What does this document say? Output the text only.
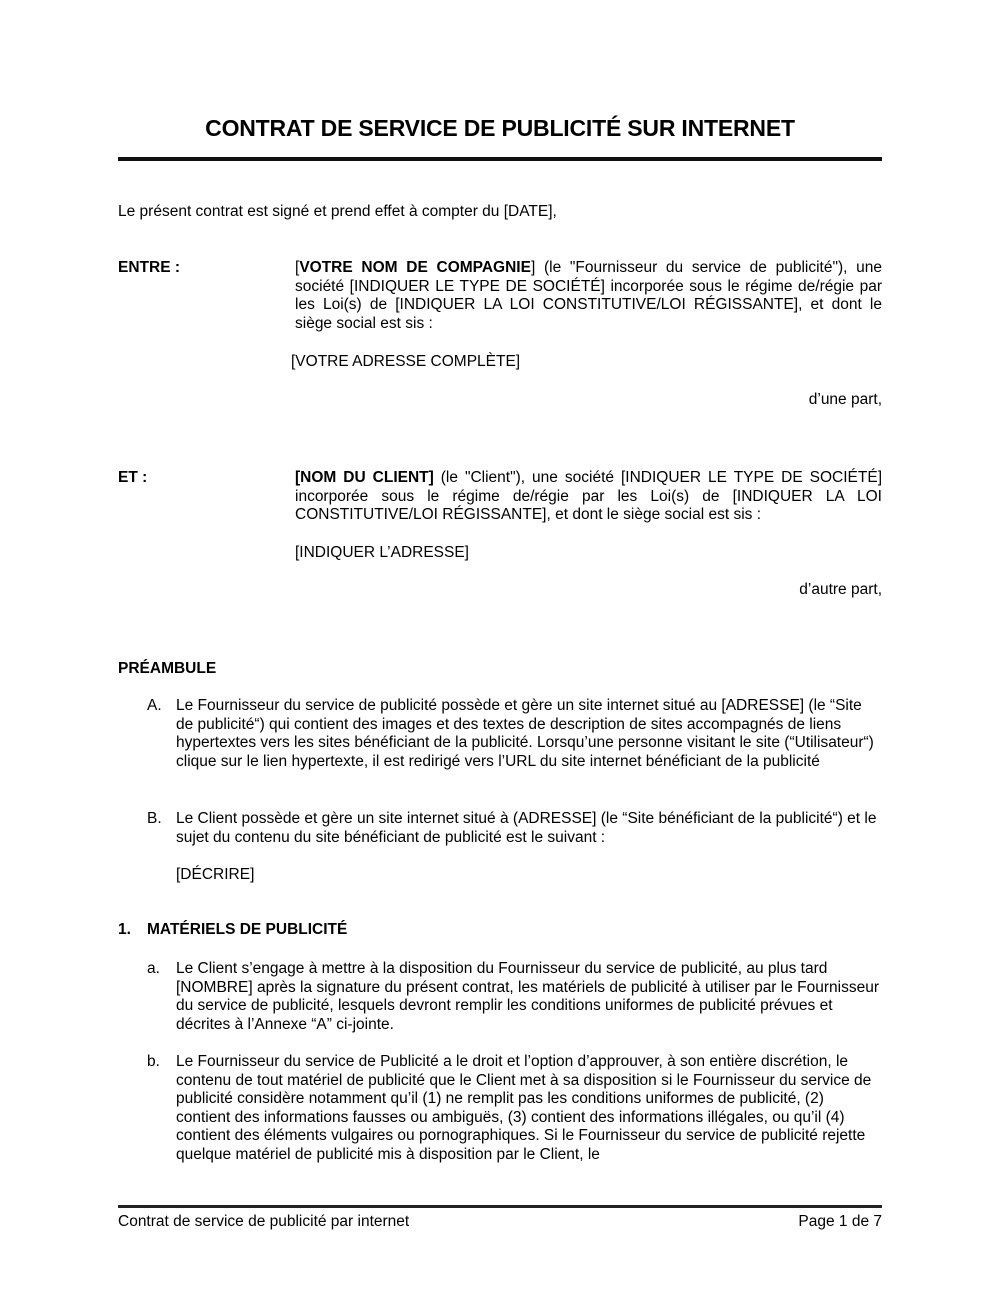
CONTRAT DE SERVICE DE PUBLICITÉ SUR INTERNET
Le présent contrat est signé et prend effet à compter du [DATE],
ENTRE :	[VOTRE NOM DE COMPAGNIE] (le "Fournisseur du service de publicité"), une société [INDIQUER LE TYPE DE SOCIÉTÉ] incorporée sous le régime de/régie par les Loi(s) de [INDIQUER LA LOI CONSTITUTIVE/LOI RÉGISSANTE], et dont le siège social est sis :
[VOTRE ADRESSE COMPLÈTE]
d’une part,
ET :	[NOM DU CLIENT] (le "Client"), une société [INDIQUER LE TYPE DE SOCIÉTÉ] incorporée sous le régime de/régie par les Loi(s) de [INDIQUER LA LOI CONSTITUTIVE/LOI RÉGISSANTE], et dont le siège social est sis :
[INDIQUER L’ADRESSE]
d’autre part,
PRÉAMBULE
A. Le Fournisseur du service de publicité possède et gère un site internet situé au [ADRESSE] (le “Site de publicité“) qui contient des images et des textes de description de sites accompagnés de liens hypertextes vers les sites bénéficiant de la publicité. Lorsqu’une personne visitant le site (“Utilisateur“) clique sur le lien hypertexte, il est redirigé vers l’URL du site internet bénéficiant de la publicité
B. Le Client possède et gère un site internet situé à (ADRESSE] (le “Site bénéficiant de la publicité“) et le sujet du contenu du site bénéficiant de publicité est le suivant :
[DÉCRIRE]
1. MATÉRIELS DE PUBLICITÉ
a.	Le Client s’engage à mettre à la disposition du Fournisseur du service de publicité, au plus tard [NOMBRE] après la signature du présent contrat, les matériels de publicité à utiliser par le Fournisseur du service de publicité, lesquels devront remplir les conditions uniformes de publicité prévues et décrites à l’Annexe “A” ci-jointe.
b.	Le Fournisseur du service de Publicité a le droit et l’option d’approuver, à son entière discrétion, le contenu de tout matériel de publicité que le Client met à sa disposition si le Fournisseur du service de publicité considère notamment qu’il (1) ne remplit pas les conditions uniformes de publicité, (2) contient des informations fausses ou ambiguës, (3) contient des informations illégales, ou qu’il (4) contient des éléments vulgaires ou pornographiques. Si le Fournisseur du service de publicité rejette quelque matériel de publicité mis à disposition par le Client, le
Contrat de service de publicité par internet	Page 1 de 7
